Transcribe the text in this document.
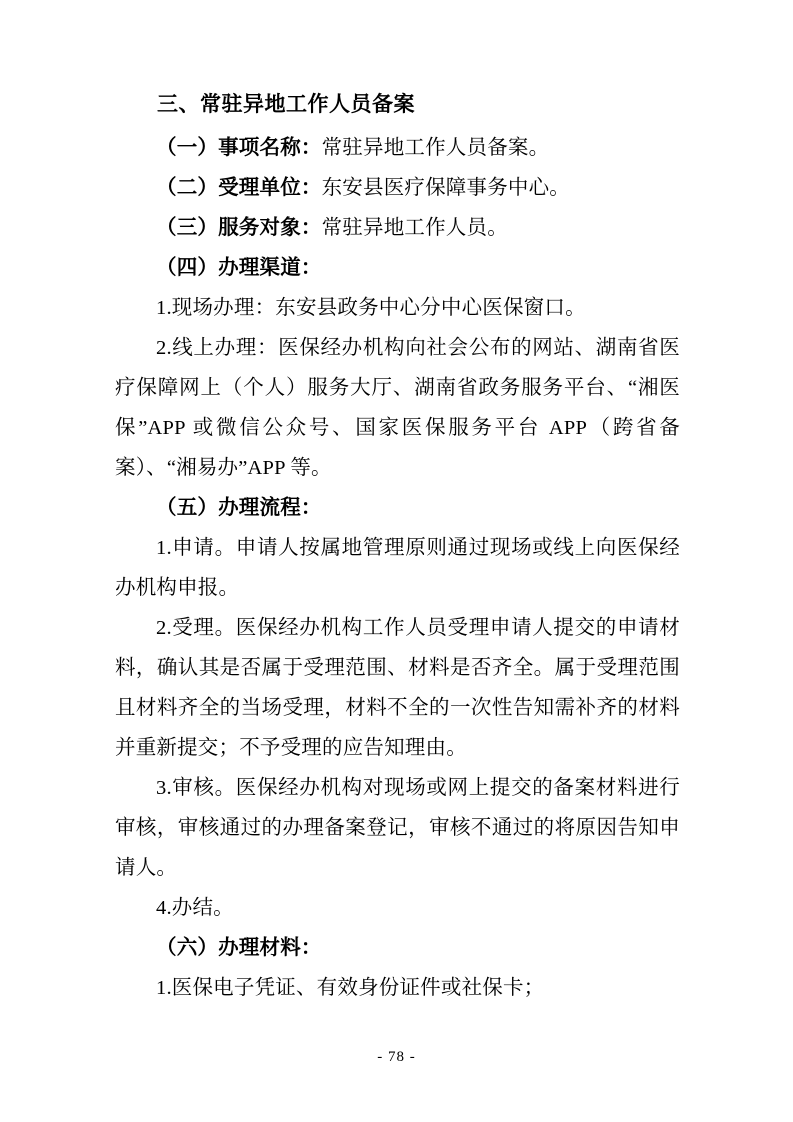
三、常驻异地工作人员备案

（一）事项名称：常驻异地工作人员备案。

（二）受理单位：东安县医疗保障事务中心。

（三）服务对象：常驻异地工作人员。

（四）办理渠道：

1.现场办理：东安县政务中心分中心医保窗口。

2.线上办理：医保经办机构向社会公布的网站、湖南省医疗保障网上（个人）服务大厅、湖南省政务服务平台、“湘医保”APP 或微信公众号、国家医保服务平台 APP（跨省备案）、“湘易办”APP 等。

（五）办理流程：

1.申请。申请人按属地管理原则通过现场或线上向医保经办机构申报。

2.受理。医保经办机构工作人员受理申请人提交的申请材料，确认其是否属于受理范围、材料是否齐全。属于受理范围且材料齐全的当场受理，材料不全的一次性告知需补齐的材料并重新提交；不予受理的应告知理由。

3.审核。医保经办机构对现场或网上提交的备案材料进行审核，审核通过的办理备案登记，审核不通过的将原因告知申请人。

4.办结。

（六）办理材料：

1.医保电子凭证、有效身份证件或社保卡；

- 78 -
